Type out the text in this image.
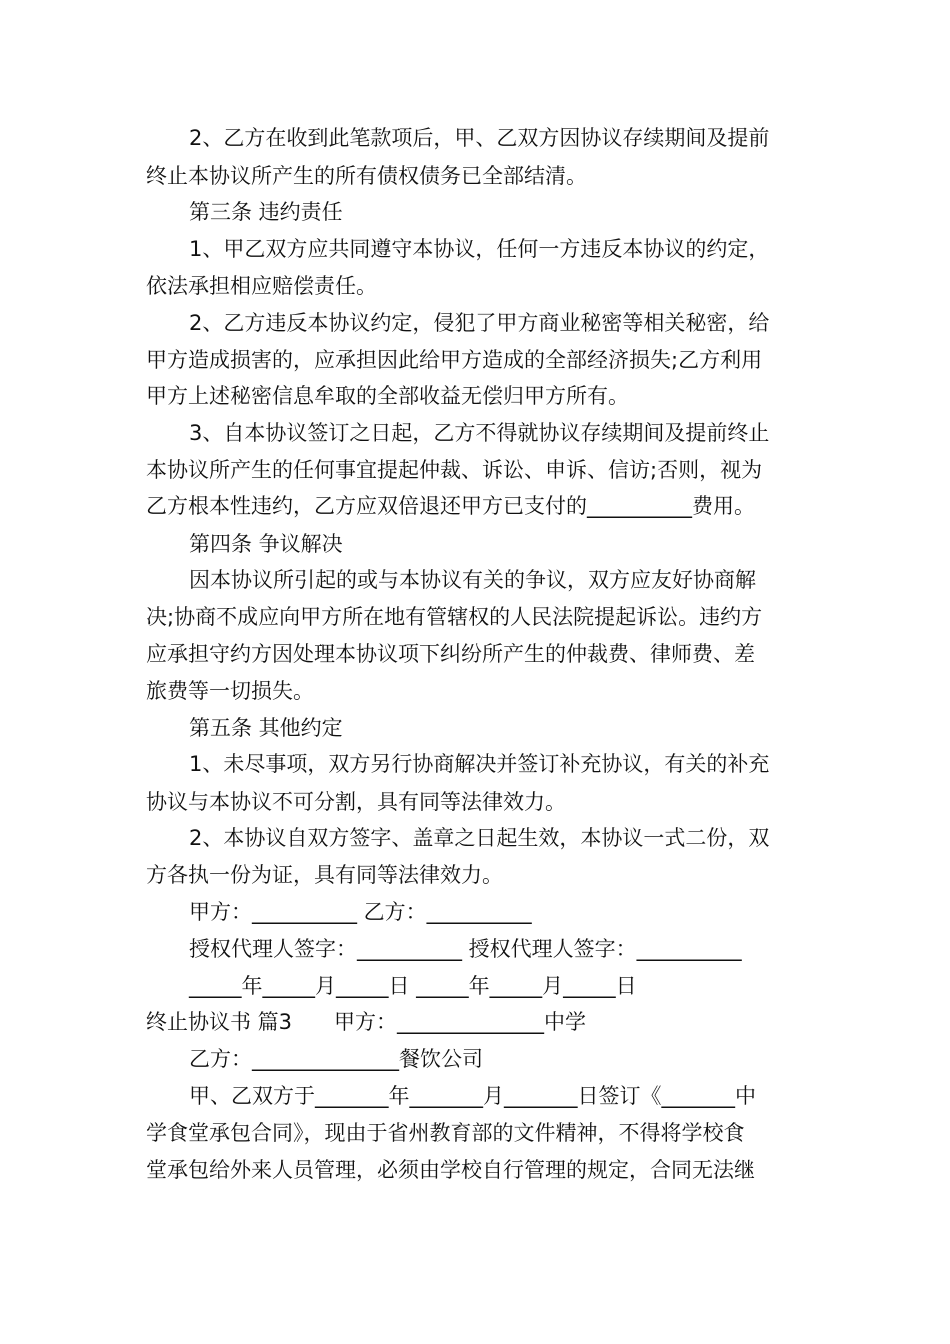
2、乙方在收到此笔款项后，甲、乙双方因协议存续期间及提前

终止本协议所产生的所有债权债务已全部结清。

第三条 违约责任

1、甲乙双方应共同遵守本协议，任何一方违反本协议的约定，

依法承担相应赔偿责任。

2、乙方违反本协议约定，侵犯了甲方商业秘密等相关秘密，给

甲方造成损害的，应承担因此给甲方造成的全部经济损失;乙方利用

甲方上述秘密信息牟取的全部收益无偿归甲方所有。

3、自本协议签订之日起，乙方不得就协议存续期间及提前终止

本协议所产生的任何事宜提起仲裁、诉讼、申诉、信访;否则，视为

乙方根本性违约，乙方应双倍退还甲方已支付的__________费用。

第四条 争议解决

因本协议所引起的或与本协议有关的争议，双方应友好协商解

决;协商不成应向甲方所在地有管辖权的人民法院提起诉讼。违约方

应承担守约方因处理本协议项下纠纷所产生的仲裁费、律师费、差

旅费等一切损失。

第五条 其他约定

1、未尽事项，双方另行协商解决并签订补充协议，有关的补充

协议与本协议不可分割，具有同等法律效力。

2、本协议自双方签字、盖章之日起生效，本协议一式二份，双

方各执一份为证，具有同等法律效力。

甲方：__________ 乙方：__________

授权代理人签字：__________ 授权代理人签字：__________

_____年_____月_____日 _____年_____月_____日

终止协议书 篇3　　甲方：______________中学

乙方：______________餐饮公司

甲、乙双方于_______年_______月_______日签订《_______中

学食堂承包合同》，现由于省州教育部的文件精神，不得将学校食

堂承包给外来人员管理，必须由学校自行管理的规定，合同无法继
